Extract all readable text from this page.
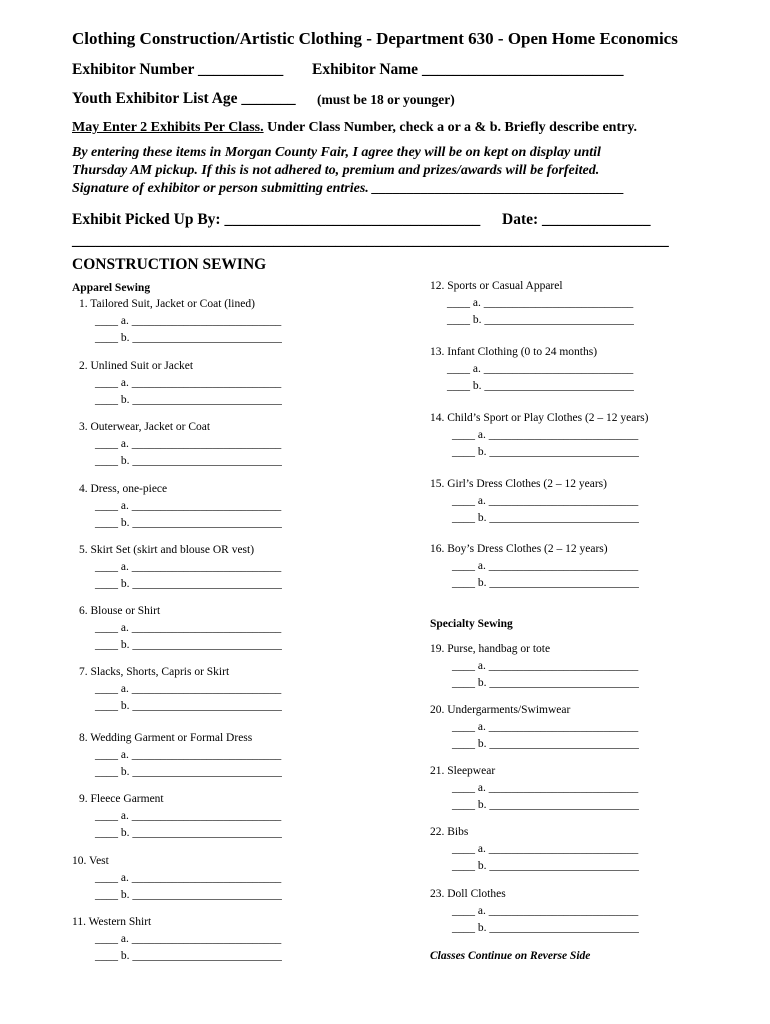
Clothing Construction/Artistic Clothing - Department 630 - Open Home Economics
Exhibitor Number ___________ Exhibitor Name __________________________
Youth Exhibitor List Age _______ (must be 18 or younger)
May Enter 2 Exhibits Per Class. Under Class Number, check a or a & b. Briefly describe entry.
By entering these items in Morgan County Fair, I agree they will be on kept on display until
Thursday AM pickup. If this is not adhered to, premium and prizes/awards will be forfeited.
Signature of exhibitor or person submitting entries. ____________________________________
Exhibit Picked Up By: _________________________________ Date: ______________
_____________________________________________________________________________
CONSTRUCTION SEWING
Apparel Sewing
Specialty Sewing
Classes Continue on Reverse Side
1. Tailored Suit, Jacket or Coat (lined)
____ a. __________________________
____ b. __________________________
2. Unlined Suit or Jacket
____ a. __________________________
____ b. __________________________
3. Outerwear, Jacket or Coat
____ a. __________________________
____ b. __________________________
4. Dress, one-piece
____ a. __________________________
____ b. __________________________
5. Skirt Set (skirt and blouse OR vest)
____ a. __________________________
____ b. __________________________
6. Blouse or Shirt
____ a. __________________________
____ b. __________________________
7. Slacks, Shorts, Capris or Skirt
____ a. __________________________
____ b. __________________________
8. Wedding Garment or Formal Dress
____ a. __________________________
____ b. __________________________
9. Fleece Garment
____ a. __________________________
____ b. __________________________
10. Vest
____ a. __________________________
____ b. __________________________
11. Western Shirt
____ a. __________________________
____ b. __________________________
12. Sports or Casual Apparel
____ a. __________________________
____ b. __________________________
13. Infant Clothing (0 to 24 months)
____ a. __________________________
____ b. __________________________
14. Child’s Sport or Play Clothes (2 – 12 years)
____ a. __________________________
____ b. __________________________
15. Girl’s Dress Clothes (2 – 12 years)
____ a. __________________________
____ b. __________________________
16. Boy’s Dress Clothes (2 – 12 years)
____ a. __________________________
____ b. __________________________
19. Purse, handbag or tote
____ a. __________________________
____ b. __________________________
20. Undergarments/Swimwear
____ a. __________________________
____ b. __________________________
21. Sleepwear
____ a. __________________________
____ b. __________________________
22. Bibs
____ a. __________________________
____ b. __________________________
23. Doll Clothes
____ a. __________________________
____ b. __________________________
